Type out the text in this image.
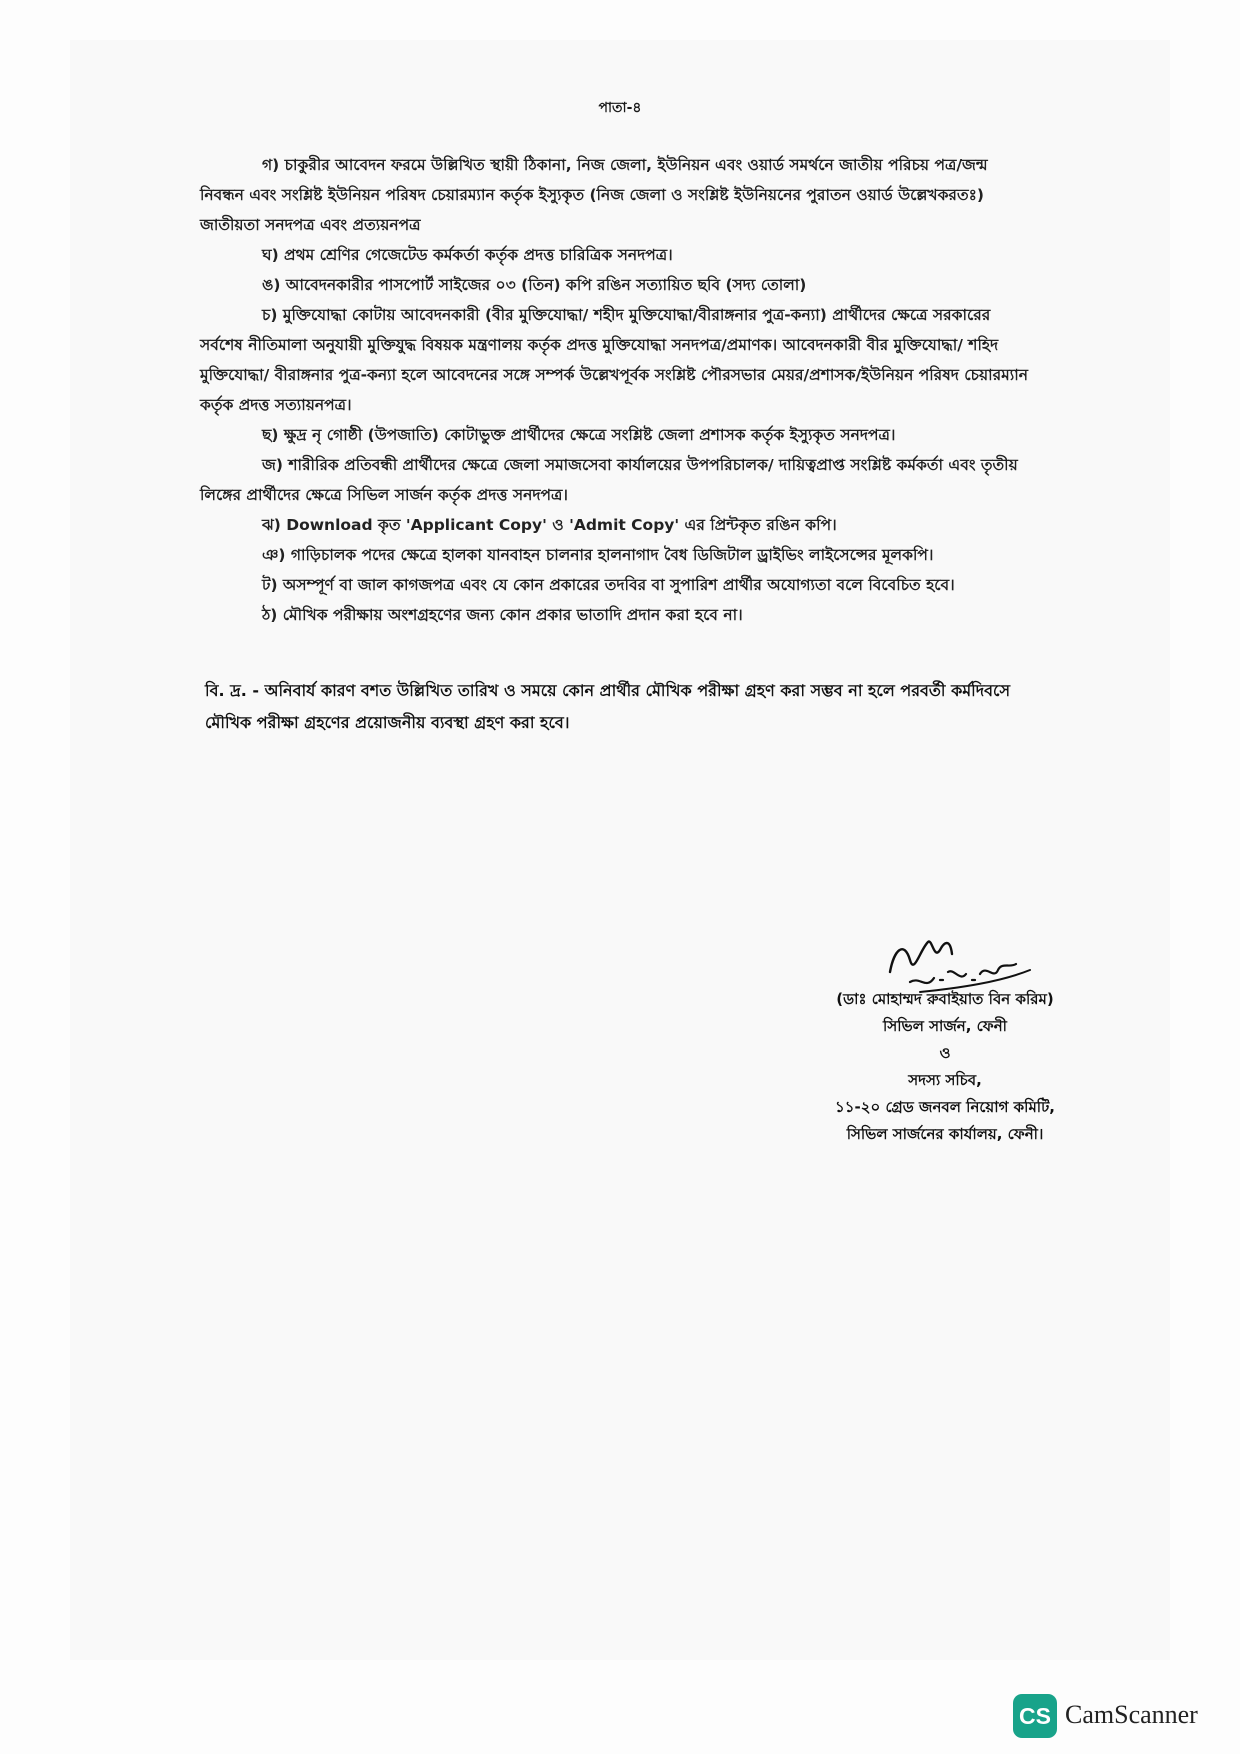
পাতা-৪

গ) চাকুরীর আবেদন ফরমে উল্লিখিত স্থায়ী ঠিকানা, নিজ জেলা, ইউনিয়ন এবং ওয়ার্ড সমর্থনে জাতীয় পরিচয় পত্র/জন্ম নিবন্ধন এবং সংশ্লিষ্ট ইউনিয়ন পরিষদ চেয়ারম্যান কর্তৃক ইস্যুকৃত (নিজ জেলা ও সংশ্লিষ্ট ইউনিয়নের পুরাতন ওয়ার্ড উল্লেখকরতঃ) জাতীয়তা সনদপত্র এবং প্রত্যয়নপত্র

ঘ) প্রথম শ্রেণির গেজেটেড কর্মকর্তা কর্তৃক প্রদত্ত চারিত্রিক সনদপত্র।

ঙ) আবেদনকারীর পাসপোর্ট সাইজের ০৩ (তিন) কপি রঙিন সত্যায়িত ছবি (সদ্য তোলা)

চ) মুক্তিযোদ্ধা কোটায় আবেদনকারী (বীর মুক্তিযোদ্ধা/ শহীদ মুক্তিযোদ্ধা/বীরাঙ্গনার পুত্র-কন্যা) প্রার্থীদের ক্ষেত্রে সরকারের সর্বশেষ নীতিমালা অনুযায়ী মুক্তিযুদ্ধ বিষয়ক মন্ত্রণালয় কর্তৃক প্রদত্ত মুক্তিযোদ্ধা সনদপত্র/প্রমাণক। আবেদনকারী বীর মুক্তিযোদ্ধা/ শহিদ মুক্তিযোদ্ধা/ বীরাঙ্গনার পুত্র-কন্যা হলে আবেদনের সঙ্গে সম্পর্ক উল্লেখপূর্বক সংশ্লিষ্ট পৌরসভার মেয়র/প্রশাসক/ইউনিয়ন পরিষদ চেয়ারম্যান কর্তৃক প্রদত্ত সত্যায়নপত্র।

ছ) ক্ষুদ্র নৃ গোষ্ঠী (উপজাতি) কোটাভুক্ত প্রার্থীদের ক্ষেত্রে সংশ্লিষ্ট জেলা প্রশাসক কর্তৃক ইস্যুকৃত সনদপত্র।

জ) শারীরিক প্রতিবন্ধী প্রার্থীদের ক্ষেত্রে জেলা সমাজসেবা কার্যালয়ের উপপরিচালক/ দায়িত্বপ্রাপ্ত সংশ্লিষ্ট কর্মকর্তা এবং তৃতীয় লিঙ্গের প্রার্থীদের ক্ষেত্রে সিভিল সার্জন কর্তৃক প্রদত্ত সনদপত্র।

ঝ) Download কৃত 'Applicant Copy' ও 'Admit Copy' এর প্রিন্টকৃত রঙিন কপি।

ঞ) গাড়িচালক পদের ক্ষেত্রে হালকা যানবাহন চালনার হালনাগাদ বৈধ ডিজিটাল ড্রাইভিং লাইসেন্সের মূলকপি।

ট) অসম্পূর্ণ বা জাল কাগজপত্র এবং যে কোন প্রকারের তদবির বা সুপারিশ প্রার্থীর অযোগ্যতা বলে বিবেচিত হবে।

ঠ) মৌখিক পরীক্ষায় অংশগ্রহণের জন্য কোন প্রকার ভাতাদি প্রদান করা হবে না।

বি. দ্র. - অনিবার্য কারণ বশত উল্লিখিত তারিখ ও সময়ে কোন প্রার্থীর মৌখিক পরীক্ষা গ্রহণ করা সম্ভব না হলে পরবর্তী কর্মদিবসে মৌখিক পরীক্ষা গ্রহণের প্রয়োজনীয় ব্যবস্থা গ্রহণ করা হবে।
(ডাঃ মোহাম্মদ রুবাইয়াত বিন করিম)
সিভিল সার্জন, ফেনী
ও
সদস্য সচিব,
১১-২০ গ্রেড জনবল নিয়োগ কমিটি,
সিভিল সার্জনের কার্যালয়, ফেনী।
CS CamScanner
